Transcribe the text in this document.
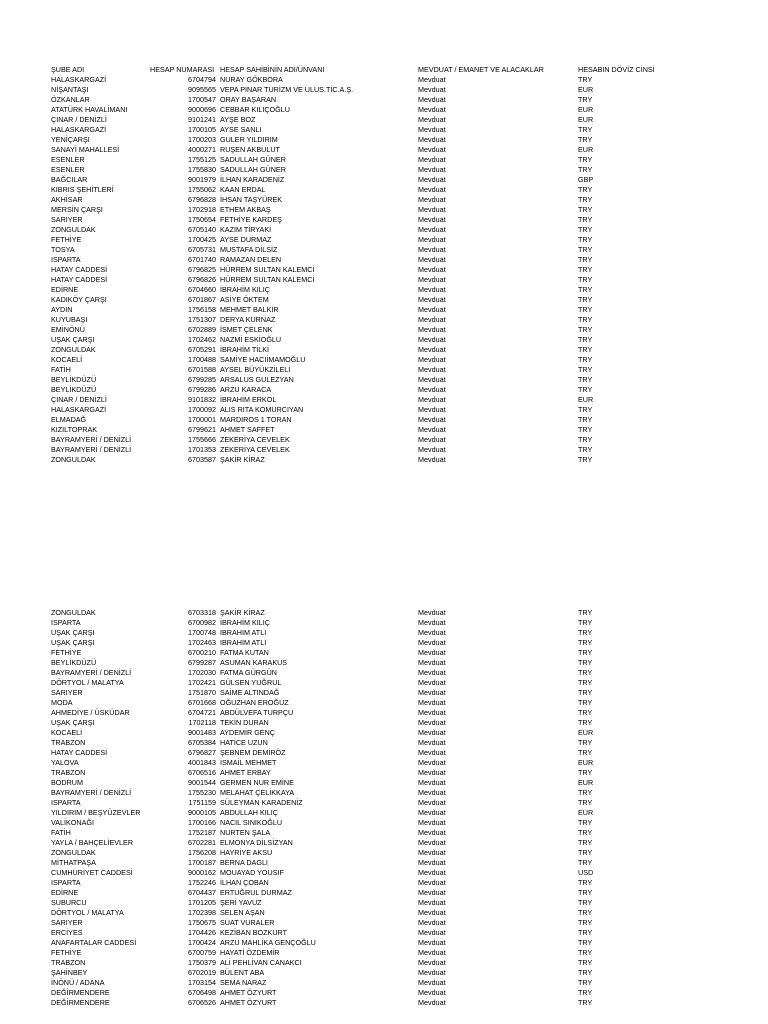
ŞUBE ADI	HESAP NUMARASI HESAP SAHİBİNİN ADI/ÜNVANI	MEVDUAT / EMANET VE ALACAKLAR	HESABIN DÖVİZ CİNSİ
HALASKARGAZİ	6704794 NURAY GÖKBORA	Mevduat	TRY
NİŞANTAŞI	9095565 VEPA PINAR TURİZM VE ULUS.TİC.A.Ş.	Mevduat	EUR
ÖZKANLAR	1700547 ORAY BAŞARAN	Mevduat	TRY
ATATÜRK HAVALİMANI	9000696 CEBBAR KILIÇOĞLU	Mevduat	EUR
ÇINAR / DENİZLİ	9101241 AYŞE BOZ	Mevduat	EUR
HALASKARGAZİ	1700105 AYSE SANLI	Mevduat	TRY
YENİÇARŞI	1700203 GULER YILDIRIM	Mevduat	TRY
SANAYİ MAHALLESİ	4000271 RUŞEN AKBULUT	Mevduat	EUR
ESENLER	1755125 SADULLAH GÜNER	Mevduat	TRY
ESENLER	1755830 SADULLAH GÜNER	Mevduat	TRY
BAĞCILAR	9001979 İLHAN KARADENİZ	Mevduat	GBP
KIBRIS ŞEHİTLERİ	1755062 KAAN ERDAL	Mevduat	TRY
AKHİSAR	6796828 İHSAN TAŞYÜREK	Mevduat	TRY
MERSİN ÇARŞI	1702918 ETHEM AKBAŞ	Mevduat	TRY
SARIYER	1750654 FETHİYE KARDEŞ	Mevduat	TRY
ZONGULDAK	6705140 KAZIM TİRYAKİ	Mevduat	TRY
FETHİYE	1700425 AYSE DURMAZ	Mevduat	TRY
TOSYA	6705731 MUSTAFA DİLSİZ	Mevduat	TRY
ISPARTA	6701740 RAMAZAN DELEN	Mevduat	TRY
HATAY CADDESİ	6796825 HÜRREM SULTAN KALEMCİ	Mevduat	TRY
HATAY CADDESİ	6796826 HÜRREM SULTAN KALEMCİ	Mevduat	TRY
EDİRNE	6704660 İBRAHİM KILIÇ	Mevduat	TRY
KADIKÖY ÇARŞI	6701867 ASİYE ÖKTEM	Mevduat	TRY
AYDIN	1756158 MEHMET BALKIR	Mevduat	TRY
KUYUBAŞI	1751307 DERYA KURNAZ	Mevduat	TRY
EMİNÖNÜ	6702889 İSMET ÇELENK	Mevduat	TRY
UŞAK ÇARŞI	1702462 NAZMİ ESKİOĞLU	Mevduat	TRY
ZONGULDAK	6705291 İBRAHİM TİLKİ	Mevduat	TRY
KOCAELİ	1700488 SAMİYE HACIİMAMOĞLU	Mevduat	TRY
FATİH	6701588 AYSEL BÜYÜKZİLELİ	Mevduat	TRY
BEYLİKDÜZÜ	6799285 ARSALUS GULEZYAN	Mevduat	TRY
BEYLİKDÜZÜ	6799286 ARZU KARACA	Mevduat	TRY
ÇINAR / DENİZLİ	9101832 İBRAHİM ERKOL	Mevduat	EUR
HALASKARGAZİ	1700092 ALIS RITA KOMURCIYAN	Mevduat	TRY
ELMADAĞ	1700001 MARDIROS 1 TORAN	Mevduat	TRY
KIZILTOPRAK	6799621 AHMET SAFFET	Mevduat	TRY
BAYRAMYERİ / DENİZLİ	1755666 ZEKERİYA CEVELEK	Mevduat	TRY
BAYRAMYERİ / DENİZLİ	1701353 ZEKERİYA CEVELEK	Mevduat	TRY
ZONGULDAK	6703587 ŞAKİR KİRAZ	Mevduat	TRY
ZONGULDAK	6703318 ŞAKİR KİRAZ	Mevduat	TRY
ISPARTA	6700982 İBRAHİM KILIÇ	Mevduat	TRY
UŞAK ÇARŞI	1700748 IBRAHIM ATLI	Mevduat	TRY
UŞAK ÇARŞI	1702463 IBRAHIM ATLI	Mevduat	TRY
FETHİYE	6700210 FATMA KUTAN	Mevduat	TRY
BEYLİKDÜZÜ	6799287 ASUMAN KARAKUS	Mevduat	TRY
BAYRAMYERİ / DENİZLİ	1702030 FATMA GÜRGÜN	Mevduat	TRY
DÖRTYOL / MALATYA	1702421 GÜLSEN YUĞRUL	Mevduat	TRY
SARIYER	1751870 SAİME ALTINDAĞ	Mevduat	TRY
MODA	6701668 OĞUZHAN EROĞUZ	Mevduat	TRY
AHMEDİYE / ÜSKÜDAR	6704721 ABDÜLVEFA TURPÇU	Mevduat	TRY
UŞAK ÇARŞI	1702118 TEKİN DURAN	Mevduat	TRY
KOCAELİ	9001483 AYDEMİR GENÇ	Mevduat	EUR
TRABZON	6705384 HATİCE UZUN	Mevduat	TRY
HATAY CADDESİ	6796827 ŞEBNEM DEMİRÖZ	Mevduat	TRY
YALOVA	4001843 İSMAİL MEHMET	Mevduat	EUR
TRABZON	6706516 AHMET ERBAY	Mevduat	TRY
BODRUM	9001544 GERMEN NUR EMİNE	Mevduat	EUR
BAYRAMYERİ / DENİZLİ	1755230 MELAHAT ÇELİKKAYA	Mevduat	TRY
ISPARTA	1751159 SÜLEYMAN KARADENİZ	Mevduat	TRY
YILDIRIM / BEŞYÜZEVLER	9000105 ABDULLAH KILIÇ	Mevduat	EUR
VALİKONAĞI	1700166 NACIL SINIKOĞLU	Mevduat	TRY
FATİH	1752187 NURTEN ŞALA	Mevduat	TRY
YAYLA / BAHÇELİEVLER	6702281 ELMONYA DİLSİZYAN	Mevduat	TRY
ZONGULDAK	1756208 HAYRİYE AKSU	Mevduat	TRY
MİTHATPAŞA	1700187 BERNA DAGLI	Mevduat	TRY
CUMHURİYET CADDESİ	9000162 MOUAYAD YOUSIF	Mevduat	USD
ISPARTA	1752246 İLHAN ÇOBAN	Mevduat	TRY
EDİRNE	6704437 ERTUĞRUL DURMAZ	Mevduat	TRY
SUBURCU	1701205 ŞERİ YAVUZ	Mevduat	TRY
DÖRTYOL / MALATYA	1702398 SELEN AŞAN	Mevduat	TRY
SARIYER	1750675 SUAT VURALER	Mevduat	TRY
ERCİYES	1704426 KEZİBAN BOZKURT	Mevduat	TRY
ANAFARTALAR CADDESİ	1700424 ARZU MAHLİKA GENÇOĞLU	Mevduat	TRY
FETHİYE	6700759 HAYATİ ÖZDEMİR	Mevduat	TRY
TRABZON	1750379 ALİ PEHLİVAN CANAKCI	Mevduat	TRY
ŞAHİNBEY	6702019 BÜLENT ABA	Mevduat	TRY
İNÖNÜ / ADANA	1703154 SEMA NARAZ	Mevduat	TRY
DEĞİRMENDERE	6706498 AHMET ÖZYURT	Mevduat	TRY
DEĞİRMENDERE	6706526 AHMET ÖZYURT	Mevduat	TRY
